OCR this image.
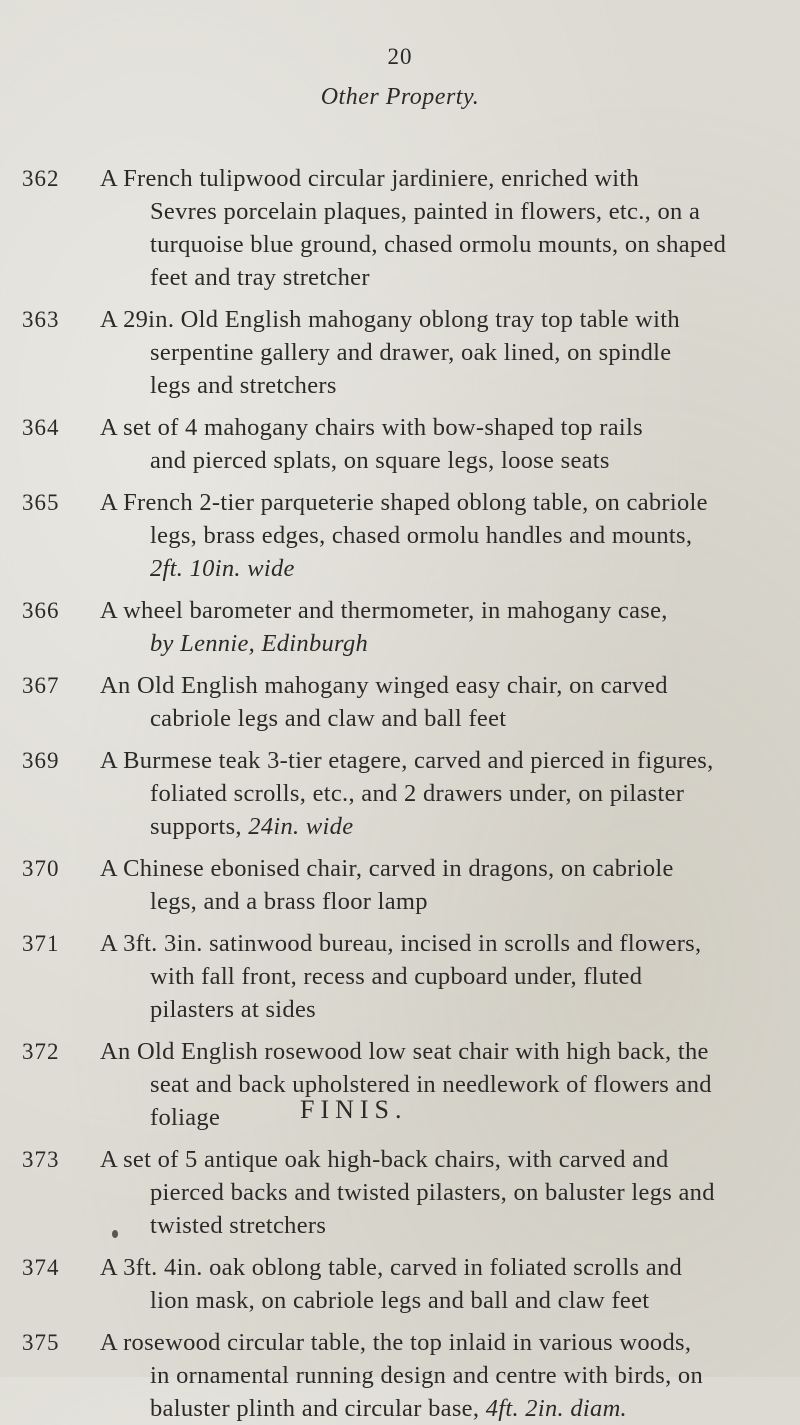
20
Other Property.
362	A French tulipwood circular jardiniere, enriched with
Sevres porcelain plaques, painted in flowers, etc., on a
turquoise blue ground, chased ormolu mounts, on shaped
feet and tray stretcher
363	A 29in. Old English mahogany oblong tray top table with
serpentine gallery and drawer, oak lined, on spindle
legs and stretchers
364	A set of 4 mahogany chairs with bow-shaped top rails
and pierced splats, on square legs, loose seats
365	A French 2-tier parqueterie shaped oblong table, on cabriole
legs, brass edges, chased ormolu handles and mounts,
2ft. 10in. wide
366	A wheel barometer and thermometer, in mahogany case,
by Lennie, Edinburgh
367	An Old English mahogany winged easy chair, on carved
cabriole legs and claw and ball feet
369	A Burmese teak 3-tier etagere, carved and pierced in figures,
foliated scrolls, etc., and 2 drawers under, on pilaster
supports, 24in. wide
370	A Chinese ebonised chair, carved in dragons, on cabriole
legs, and a brass floor lamp
371	A 3ft. 3in. satinwood bureau, incised in scrolls and flowers,
with fall front, recess and cupboard under, fluted
pilasters at sides
372	An Old English rosewood low seat chair with high back, the
seat and back upholstered in needlework of flowers and
foliage
373	A set of 5 antique oak high-back chairs, with carved and
pierced backs and twisted pilasters, on baluster legs and
twisted stretchers
374	A 3ft. 4in. oak oblong table, carved in foliated scrolls and
lion mask, on cabriole legs and ball and claw feet
375	A rosewood circular table, the top inlaid in various woods,
in ornamental running design and centre with birds, on
baluster plinth and circular base, 4ft. 2in. diam.
FINIS.
